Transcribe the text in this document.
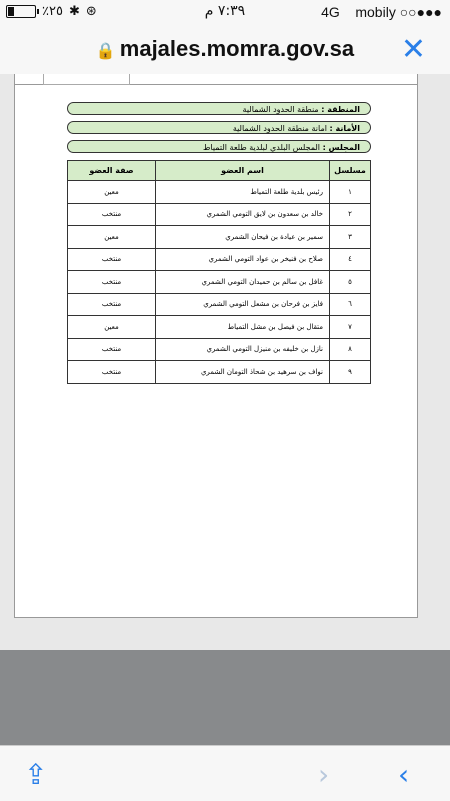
٪٢٥ ✱ ⊛	٧:٣٩ م	4G mobily ○○●●●
🔒 majales.momra.gov.sa	✕
المنطقة : منطقة الحدود الشمالية
الأمانة : امانة منطقة الحدود الشمالية
المجلس : المجلس البلدي لبلدية طلعة التمياط
مسلسل	اسم العضو	صفة العضو
١	رئيس بلدية طلعة التمياط	معين
٢	خالد بن سعدون بن لايق التومي الشمري	منتخب
٣	سمير بن عيادة بن فيحان الشمري	معين
٤	صلاح بن فنيخر بن عواد التومي الشمري	منتخب
٥	غافل بن سالم بن حميدان التومي الشمري	منتخب
٦	فايز بن فرحان بن مشعل التومي الشمري	منتخب
٧	متقال بن فيصل بن مشل التمياط	معين
٨	نازل بن خليفه بن منيزل التومي الشمري	منتخب
٩	نواف بن سرهيد بن شحاذ التومان الشمري	منتخب
⇪	› ‹
